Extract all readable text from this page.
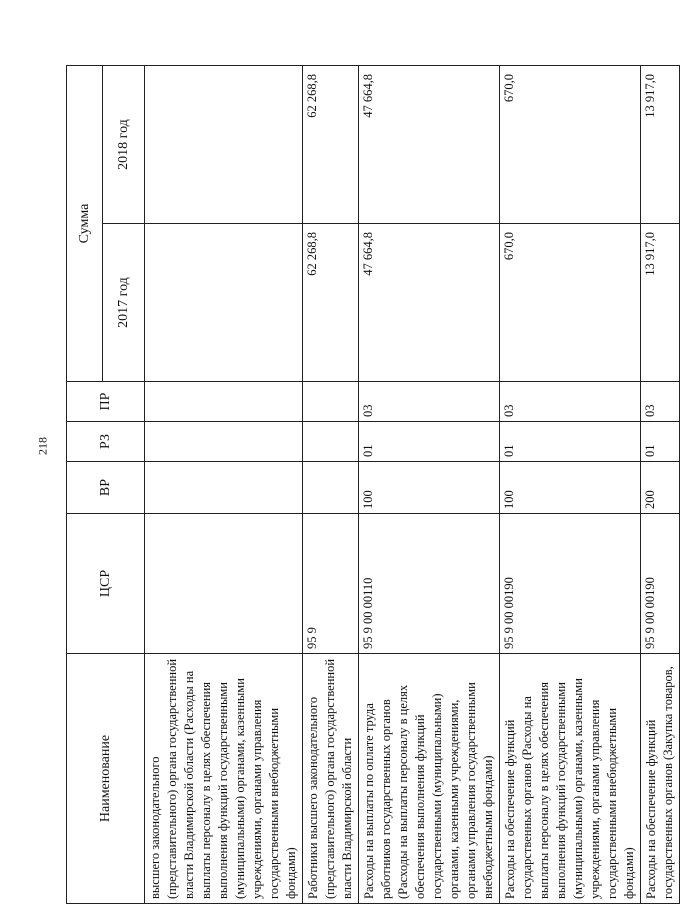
218
Наименование	ЦСР	ВР	РЗ	ПР	Сумма	
					2017 год	2018 год
высшего законодательного (представительного) органа государственной власти Владимирской области (Расходы на выплаты персоналу в целях обеспечения выполнения функций государственными (муниципальными) органами, казенными учреждениями, органами управления государственными внебюджетными фондами)						
Работники высшего законодательного (представительного) органа государственной власти Владимирской области	95 9				62 268,8	62 268,8
Расходы на выплаты по оплате труда работников государственных органов (Расходы на выплаты персоналу в целях обеспечения выполнения функций государственными (муниципальными) органами, казенными учреждениями, органами управления государственными внебюджетными фондами)	95 9 00 00110	100	01	03	47 664,8	47 664,8
Расходы на обеспечение функций государственных органов (Расходы на выплаты персоналу в целях обеспечения выполнения функций государственными (муниципальными) органами, казенными учреждениями, органами управления государственными внебюджетными фондами)	95 9 00 00190	100	01	03	670,0	670,0
Расходы на обеспечение функций государственных органов (Закупка товаров,	95 9 00 00190	200	01	03	13 917,0	13 917,0
